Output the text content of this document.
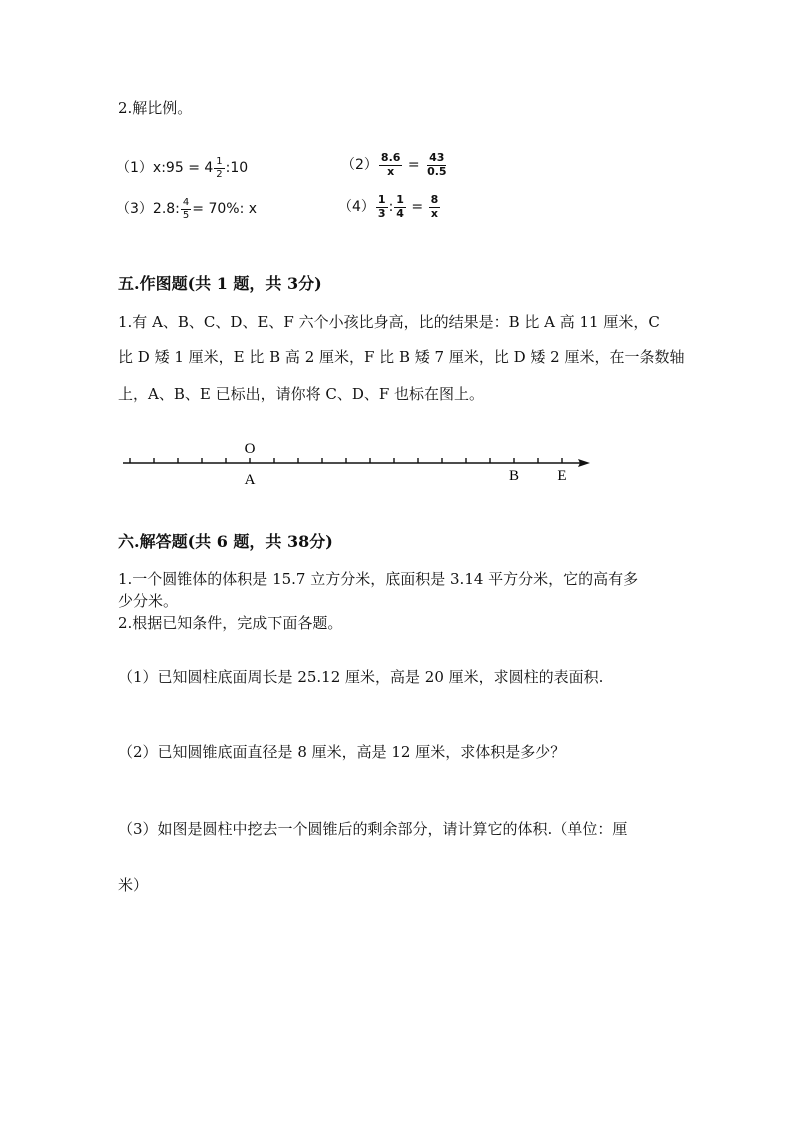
2.解比例。
（1）x:95 = $4 \frac{1}{2}$ :10	$(2) \frac{8.6}{x} = \frac{43}{0.5}$
（3）2.8: $\frac{4}{5} = 70\%$: x	$(4) \frac{1}{3}$ : $\frac{1}{4} = \frac{8}{x}$
五.作图题(共 1 题，共 3分)
1.有 A、B、C、D、E、F 六个小孩比身高，比的结果是：B 比 A 高 11 厘米，C
比 D 矮 1 厘米，E 比 B 高 2 厘米，F 比 B 矮 7 厘米，比 D 矮 2 厘米，在一条数轴
上，A、B、E 已标出，请你将 C、D、F 也标在图上。
O
A	B	E
六.解答题(共 6 题，共 38分)
1.一个圆锥体的体积是 15.7 立方分米，底面积是 3.14 平方分米，它的高有多
少分米。
2.根据已知条件，完成下面各题。
（1）已知圆柱底面周长是 25.12 厘米，高是 20 厘米，求圆柱的表面积.
（2）已知圆锥底面直径是 8 厘米，高是 12 厘米，求体积是多少？
（3）如图是圆柱中挖去一个圆锥后的剩余部分，请计算它的体积.（单位：厘
米）
